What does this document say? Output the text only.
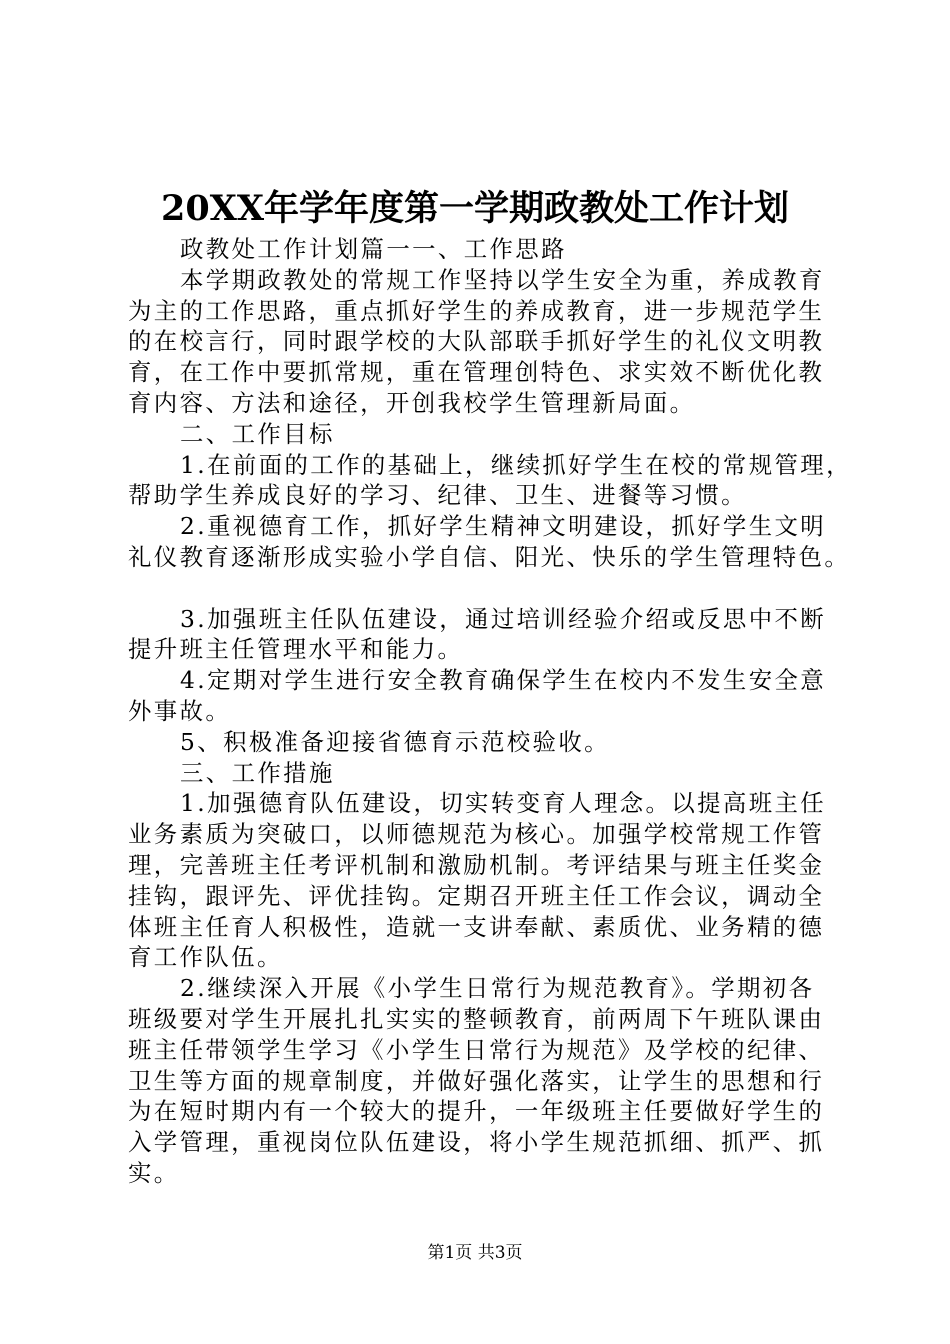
20XX年学年度第一学期政教处工作计划

政教处工作计划篇一一、工作思路

本学期政教处的常规工作坚持以学生安全为重，养成教育
为主的工作思路，重点抓好学生的养成教育，进一步规范学生
的在校言行，同时跟学校的大队部联手抓好学生的礼仪文明教
育，在工作中要抓常规，重在管理创特色、求实效不断优化教
育内容、方法和途径，开创我校学生管理新局面。

二、工作目标

1.在前面的工作的基础上，继续抓好学生在校的常规管理，
帮助学生养成良好的学习、纪律、卫生、进餐等习惯。

2.重视德育工作，抓好学生精神文明建设，抓好学生文明
礼仪教育逐渐形成实验小学自信、阳光、快乐的学生管理特色。

3.加强班主任队伍建设，通过培训经验介绍或反思中不断
提升班主任管理水平和能力。

4.定期对学生进行安全教育确保学生在校内不发生安全意
外事故。

5、积极准备迎接省德育示范校验收。

三、工作措施

1.加强德育队伍建设，切实转变育人理念。以提高班主任
业务素质为突破口，以师德规范为核心。加强学校常规工作管
理，完善班主任考评机制和激励机制。考评结果与班主任奖金
挂钩，跟评先、评优挂钩。定期召开班主任工作会议，调动全
体班主任育人积极性，造就一支讲奉献、素质优、业务精的德
育工作队伍。

2.继续深入开展《小学生日常行为规范教育》。学期初各
班级要对学生开展扎扎实实的整顿教育，前两周下午班队课由
班主任带领学生学习《小学生日常行为规范》及学校的纪律、
卫生等方面的规章制度，并做好强化落实，让学生的思想和行
为在短时期内有一个较大的提升，一年级班主任要做好学生的
入学管理，重视岗位队伍建设，将小学生规范抓细、抓严、抓
实。

第1页 共3页
